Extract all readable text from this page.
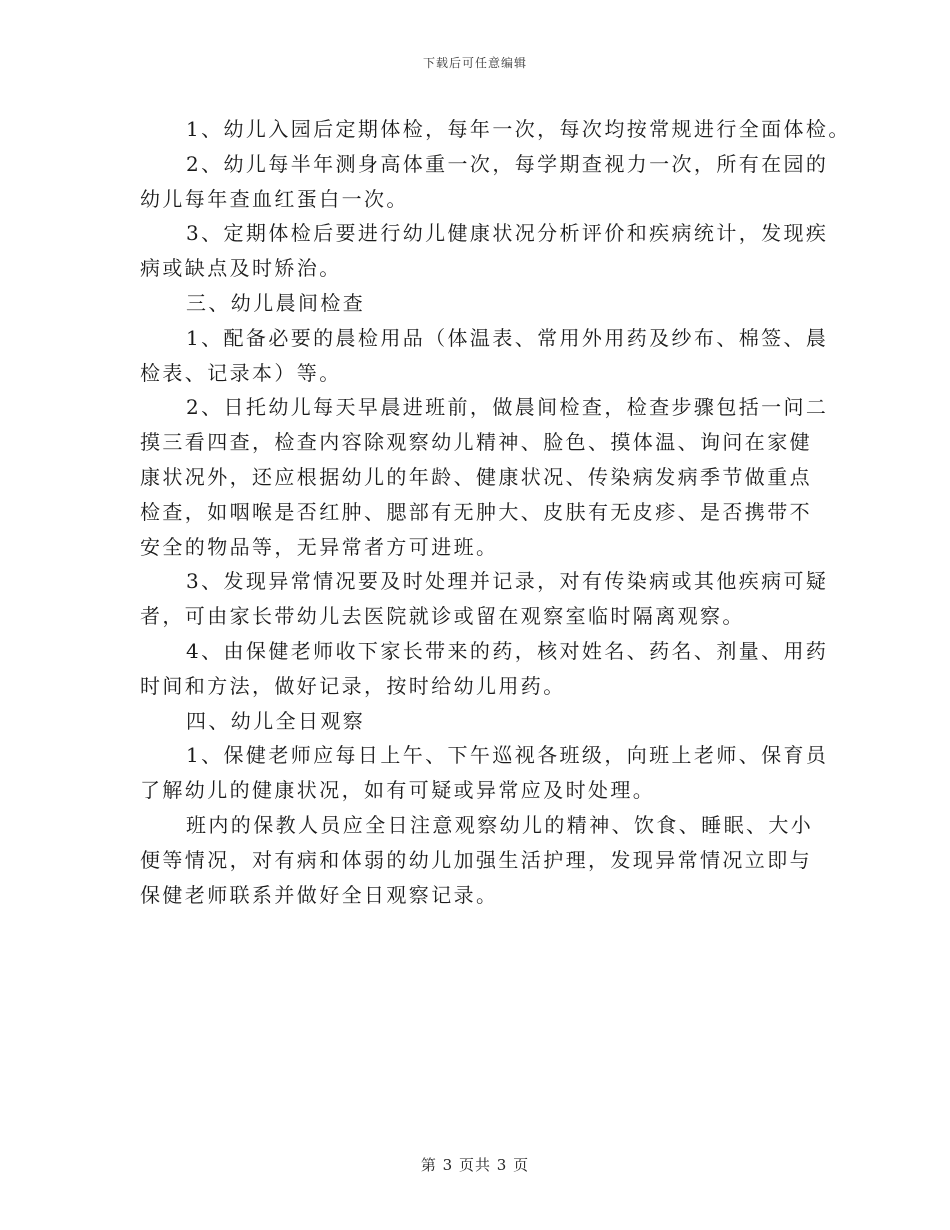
下载后可任意编辑

1、幼儿入园后定期体检，每年一次，每次均按常规进行全面体检。

2、幼儿每半年测身高体重一次，每学期查视力一次，所有在园的
幼儿每年查血红蛋白一次。

3、定期体检后要进行幼儿健康状况分析评价和疾病统计，发现疾
病或缺点及时矫治。

三、幼儿晨间检查

1、配备必要的晨检用品（体温表、常用外用药及纱布、棉签、晨
检表、记录本）等。

2、日托幼儿每天早晨进班前，做晨间检查，检查步骤包括一问二
摸三看四查，检查内容除观察幼儿精神、脸色、摸体温、询问在家健
康状况外，还应根据幼儿的年龄、健康状况、传染病发病季节做重点
检查，如咽喉是否红肿、腮部有无肿大、皮肤有无皮疹、是否携带不
安全的物品等，无异常者方可进班。

3、发现异常情况要及时处理并记录，对有传染病或其他疾病可疑
者，可由家长带幼儿去医院就诊或留在观察室临时隔离观察。

4、由保健老师收下家长带来的药，核对姓名、药名、剂量、用药
时间和方法，做好记录，按时给幼儿用药。

四、幼儿全日观察

1、保健老师应每日上午、下午巡视各班级，向班上老师、保育员
了解幼儿的健康状况，如有可疑或异常应及时处理。

班内的保教人员应全日注意观察幼儿的精神、饮食、睡眠、大小
便等情况，对有病和体弱的幼儿加强生活护理，发现异常情况立即与
保健老师联系并做好全日观察记录。

第 3 页共 3 页
